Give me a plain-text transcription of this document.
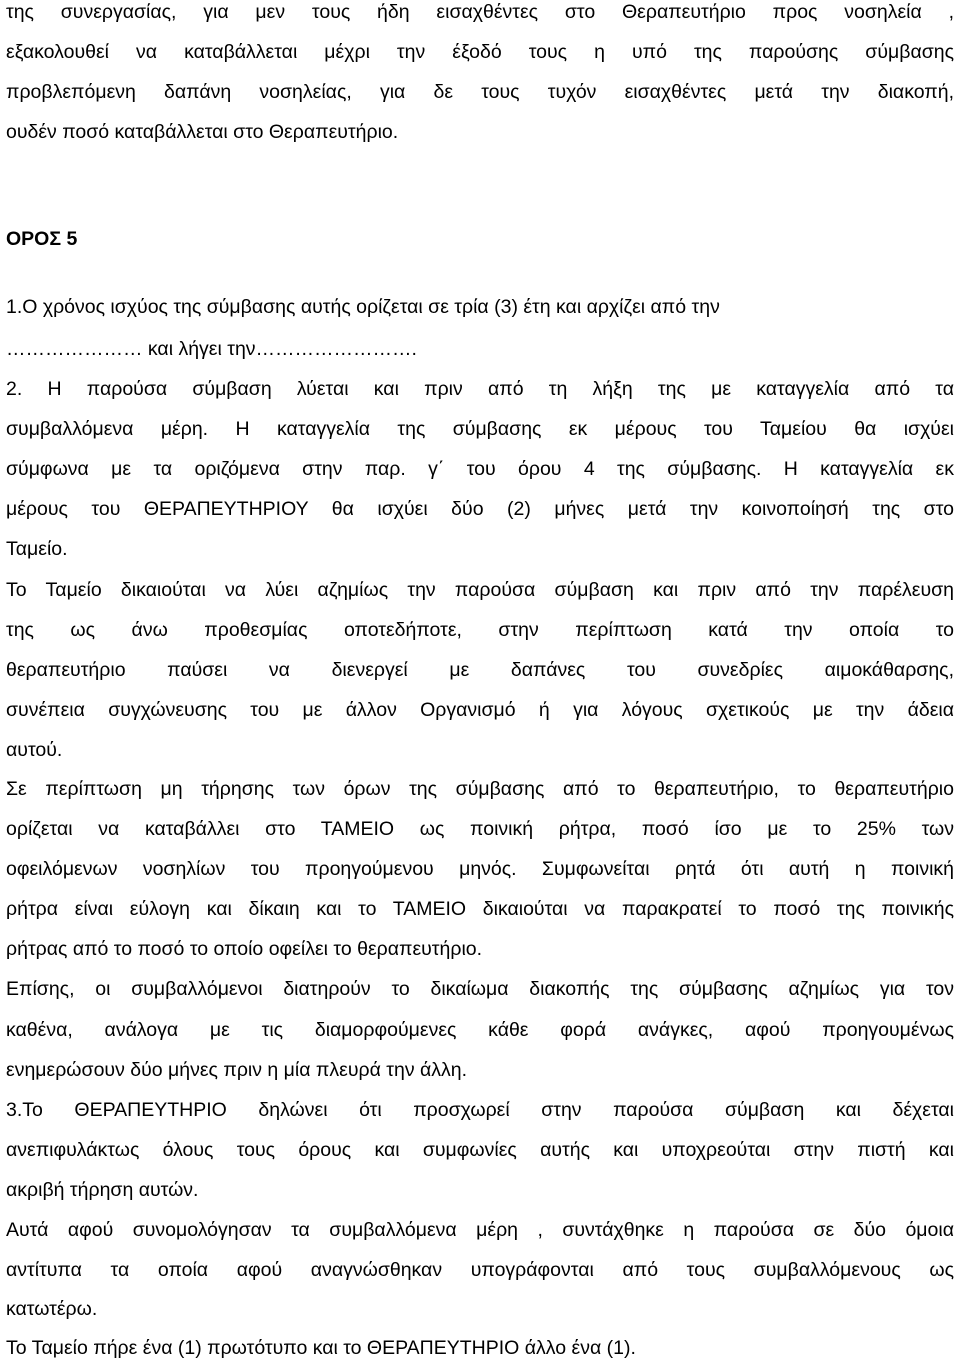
της συνεργασίας, για μεν τους ήδη εισαχθέντες στο Θεραπευτήριο προς νοσηλεία ,
εξακολουθεί να καταβάλλεται μέχρι την έξοδό τους η υπό της παρούσης σύμβασης
προβλεπόμενη δαπάνη νοσηλείας, για δε τους τυχόν εισαχθέντες μετά την διακοπή,
ουδέν ποσό καταβάλλεται στο Θεραπευτήριο.
ΟΡΟΣ 5
1.Ο χρόνος ισχύος της σύμβασης αυτής ορίζεται σε τρία (3) έτη και αρχίζει από την
………………… και λήγει την…………………….
2. Η παρούσα σύμβαση λύεται και πριν από τη λήξη της με καταγγελία από τα
συμβαλλόμενα μέρη. Η καταγγελία της σύμβασης εκ μέρους του Ταμείου θα ισχύει
σύμφωνα με τα οριζόμενα στην παρ. γ΄ του όρου 4 της σύμβασης. Η καταγγελία εκ
μέρους του ΘΕΡΑΠΕΥΤΗΡΙΟΥ θα ισχύει δύο (2) μήνες μετά την κοινοποίησή της στο
Ταμείο.
Το Ταμείο δικαιούται να λύει αζημίως την παρούσα σύμβαση και πριν από την παρέλευση
της ως άνω προθεσμίας οποτεδήποτε, στην περίπτωση κατά την οποία το
θεραπευτήριο παύσει να διενεργεί με δαπάνες του συνεδρίες αιμοκάθαρσης,
συνέπεια συγχώνευσης του με άλλον Οργανισμό ή για λόγους σχετικούς με την άδεια
αυτού.
Σε περίπτωση μη τήρησης των όρων της σύμβασης από το θεραπευτήριο, το θεραπευτήριο
ορίζεται να καταβάλλει στο ΤΑΜΕΙΟ ως ποινική ρήτρα, ποσό ίσο με το 25% των
οφειλόμενων νοσηλίων του προηγούμενου μηνός. Συμφωνείται ρητά ότι αυτή η ποινική
ρήτρα είναι εύλογη και δίκαιη και το ΤΑΜΕΙΟ δικαιούται να παρακρατεί το ποσό της ποινικής
ρήτρας από το ποσό το οποίο οφείλει το θεραπευτήριο.
Επίσης, οι συμβαλλόμενοι διατηρούν το δικαίωμα διακοπής της σύμβασης αζημίως για τον
καθένα, ανάλογα με τις διαμορφούμενες κάθε φορά ανάγκες, αφού προηγουμένως
ενημερώσουν δύο μήνες πριν η μία πλευρά την άλλη.
3.Το ΘΕΡΑΠΕΥΤΗΡΙΟ δηλώνει ότι προσχωρεί στην παρούσα σύμβαση και δέχεται
ανεπιφυλάκτως όλους τους όρους και συμφωνίες αυτής και υποχρεούται στην πιστή και
ακριβή τήρηση αυτών.
Αυτά αφού συνομολόγησαν τα συμβαλλόμενα μέρη , συντάχθηκε η παρούσα σε δύο όμοια
αντίτυπα τα οποία αφού αναγνώσθηκαν υπογράφονται από τους συμβαλλόμενους ως
κατωτέρω.
Το Ταμείο πήρε ένα (1) πρωτότυπο και το ΘΕΡΑΠΕΥΤΗΡΙΟ άλλο ένα (1).
